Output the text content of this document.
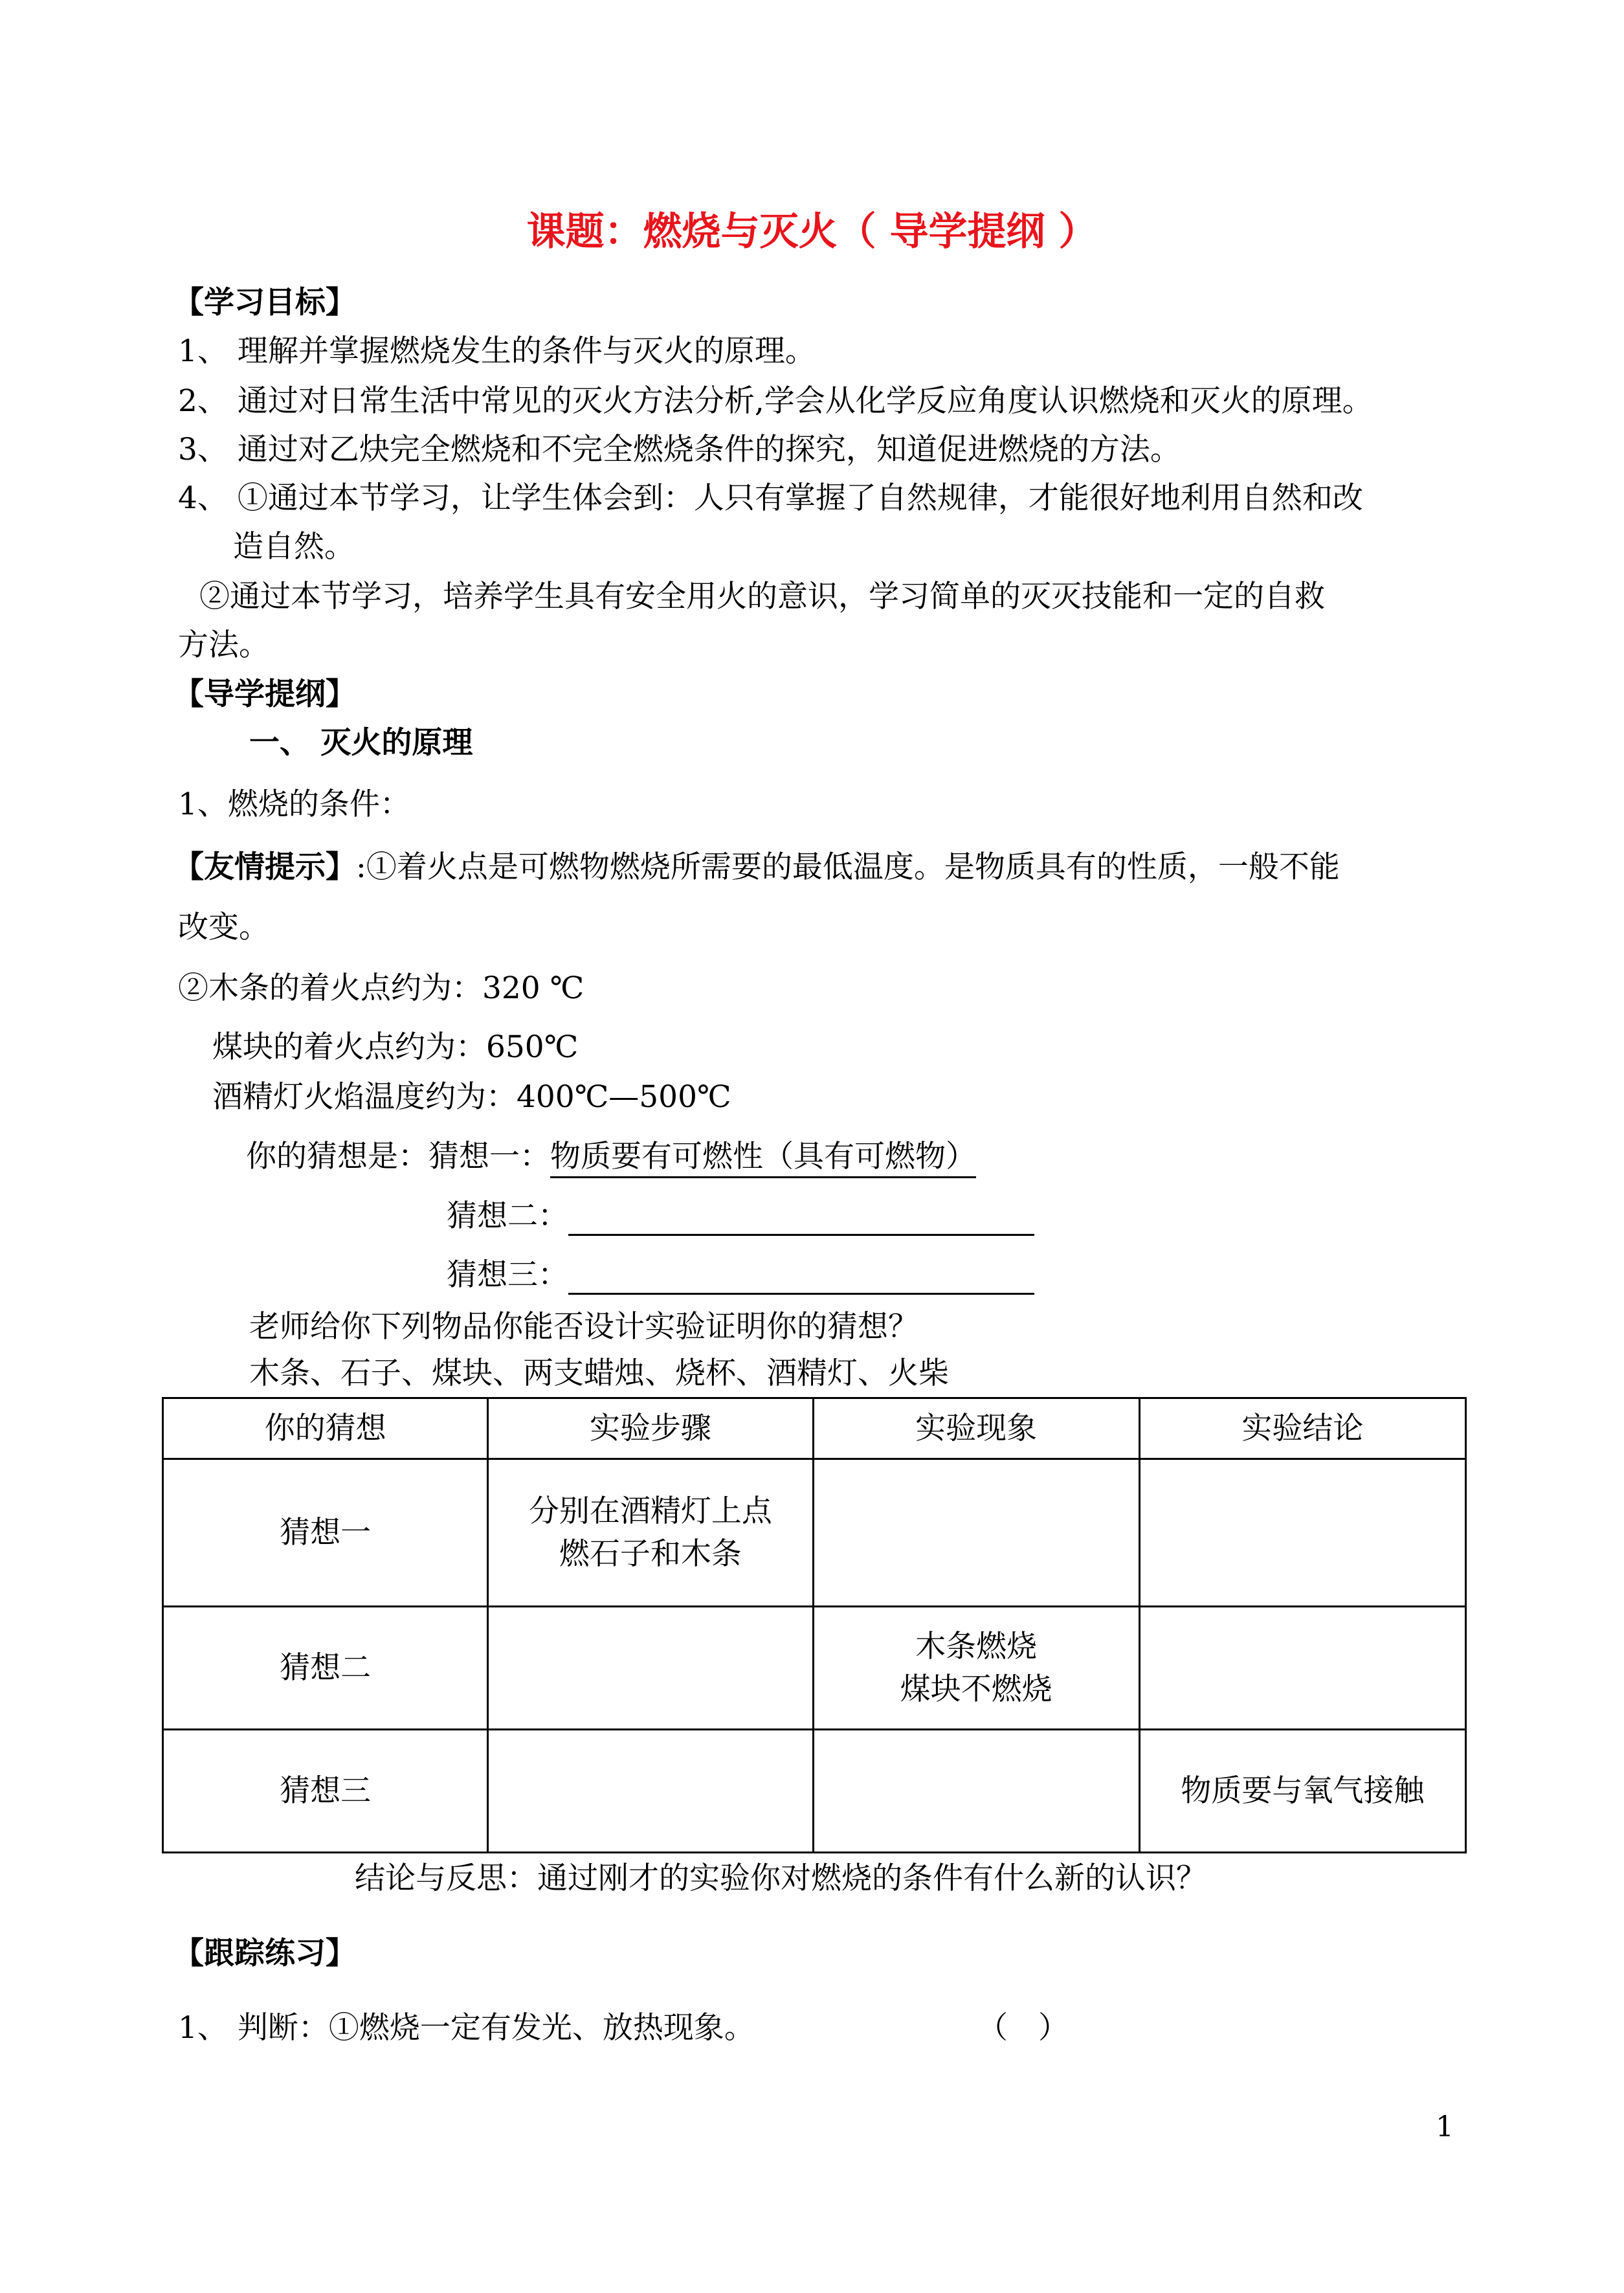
课题：燃烧与灭火（ 导学提纲 ）
【学习目标】
1、 理解并掌握燃烧发生的条件与灭火的原理。
2、 通过对日常生活中常见的灭火方法分析,学会从化学反应角度认识燃烧和灭火的原理。
3、 通过对乙炔完全燃烧和不完全燃烧条件的探究，知道促进燃烧的方法。
4、 ①通过本节学习，让学生体会到：人只有掌握了自然规律，才能很好地利用自然和改
造自然。
②通过本节学习，培养学生具有安全用火的意识，学习简单的灭灭技能和一定的自救
方法。
【导学提纲】
一、 灭火的原理
1、燃烧的条件：
【友情提示】:①着火点是可燃物燃烧所需要的最低温度。是物质具有的性质，一般不能
改变。
②木条的着火点约为：320 ℃
煤块的着火点约为：650℃
酒精灯火焰温度约为：400℃—500℃
你的猜想是：猜想一：物质要有可燃性（具有可燃物）
猜想二：
猜想三：
老师给你下列物品你能否设计实验证明你的猜想？
木条、石子、煤块、两支蜡烛、烧杯、酒精灯、火柴
你的猜想	实验步骤	实验现象	实验结论
猜想一	分别在酒精灯上点燃石子和木条		
猜想二		木条燃烧
煤块不燃烧	
猜想三			物质要与氧气接触
结论与反思：通过刚才的实验你对燃烧的条件有什么新的认识？
【跟踪练习】
1、 判断：①燃烧一定有发光、放热现象。	（　）
1
